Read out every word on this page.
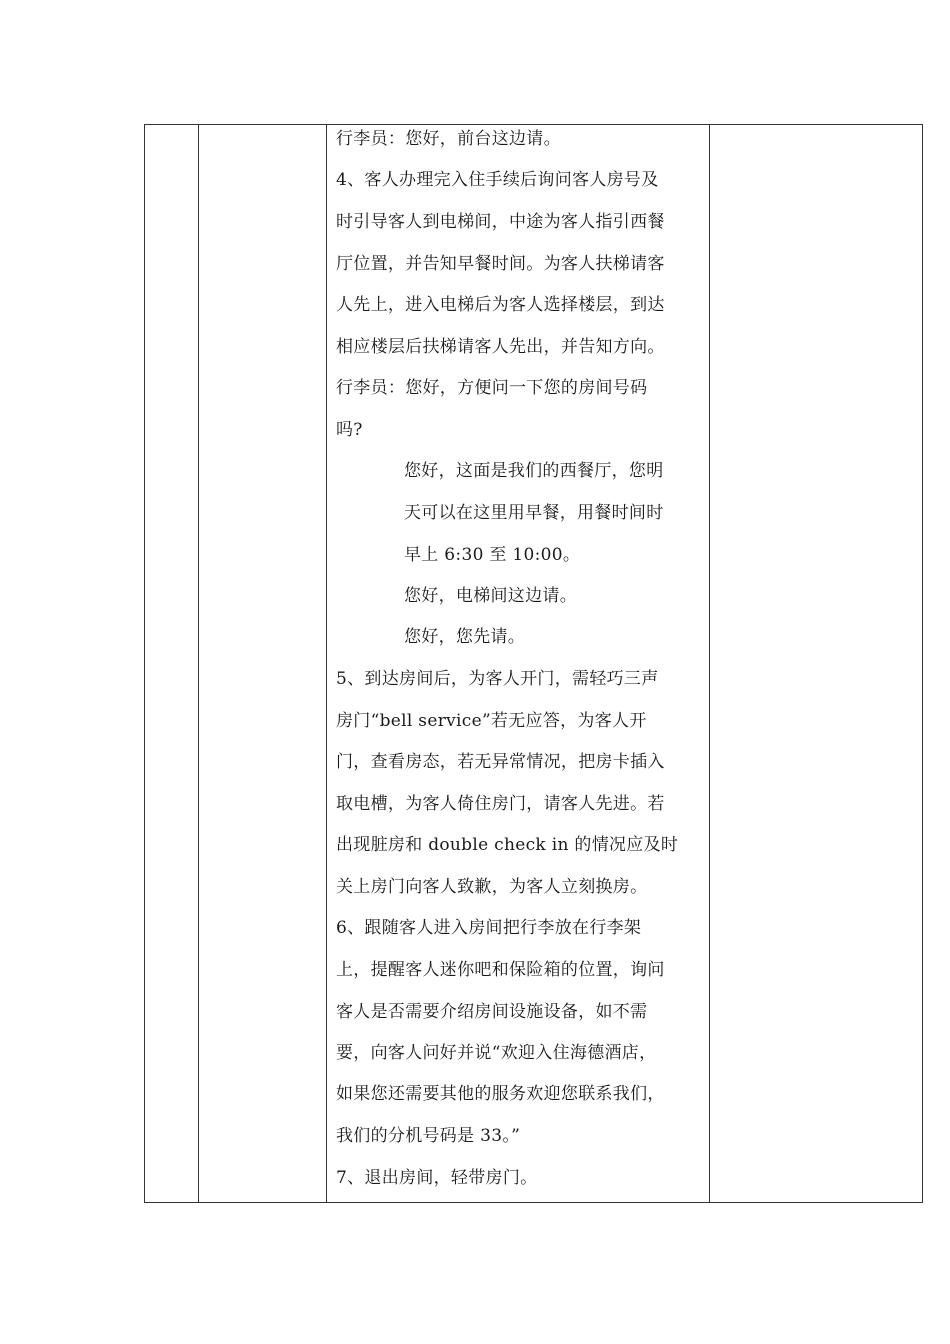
行李员：您好，前台这边请。
4、客人办理完入住手续后询问客人房号及
时引导客人到电梯间，中途为客人指引西餐
厅位置，并告知早餐时间。为客人扶梯请客
人先上，进入电梯后为客人选择楼层，到达
相应楼层后扶梯请客人先出，并告知方向。
行李员：您好，方便问一下您的房间号码
吗?
您好，这面是我们的西餐厅，您明
天可以在这里用早餐，用餐时间时
早上 6:30 至 10:00。
您好，电梯间这边请。
您好，您先请。
5、到达房间后，为客人开门，需轻巧三声
房门“bell service”若无应答，为客人开
门，查看房态，若无异常情况，把房卡插入
取电槽，为客人倚住房门，请客人先进。若
出现脏房和 double check in 的情况应及时
关上房门向客人致歉，为客人立刻换房。
6、跟随客人进入房间把行李放在行李架
上，提醒客人迷你吧和保险箱的位置，询问
客人是否需要介绍房间设施设备，如不需
要，向客人问好并说“欢迎入住海德酒店，
如果您还需要其他的服务欢迎您联系我们，
我们的分机号码是 33。”
7、退出房间，轻带房门。
